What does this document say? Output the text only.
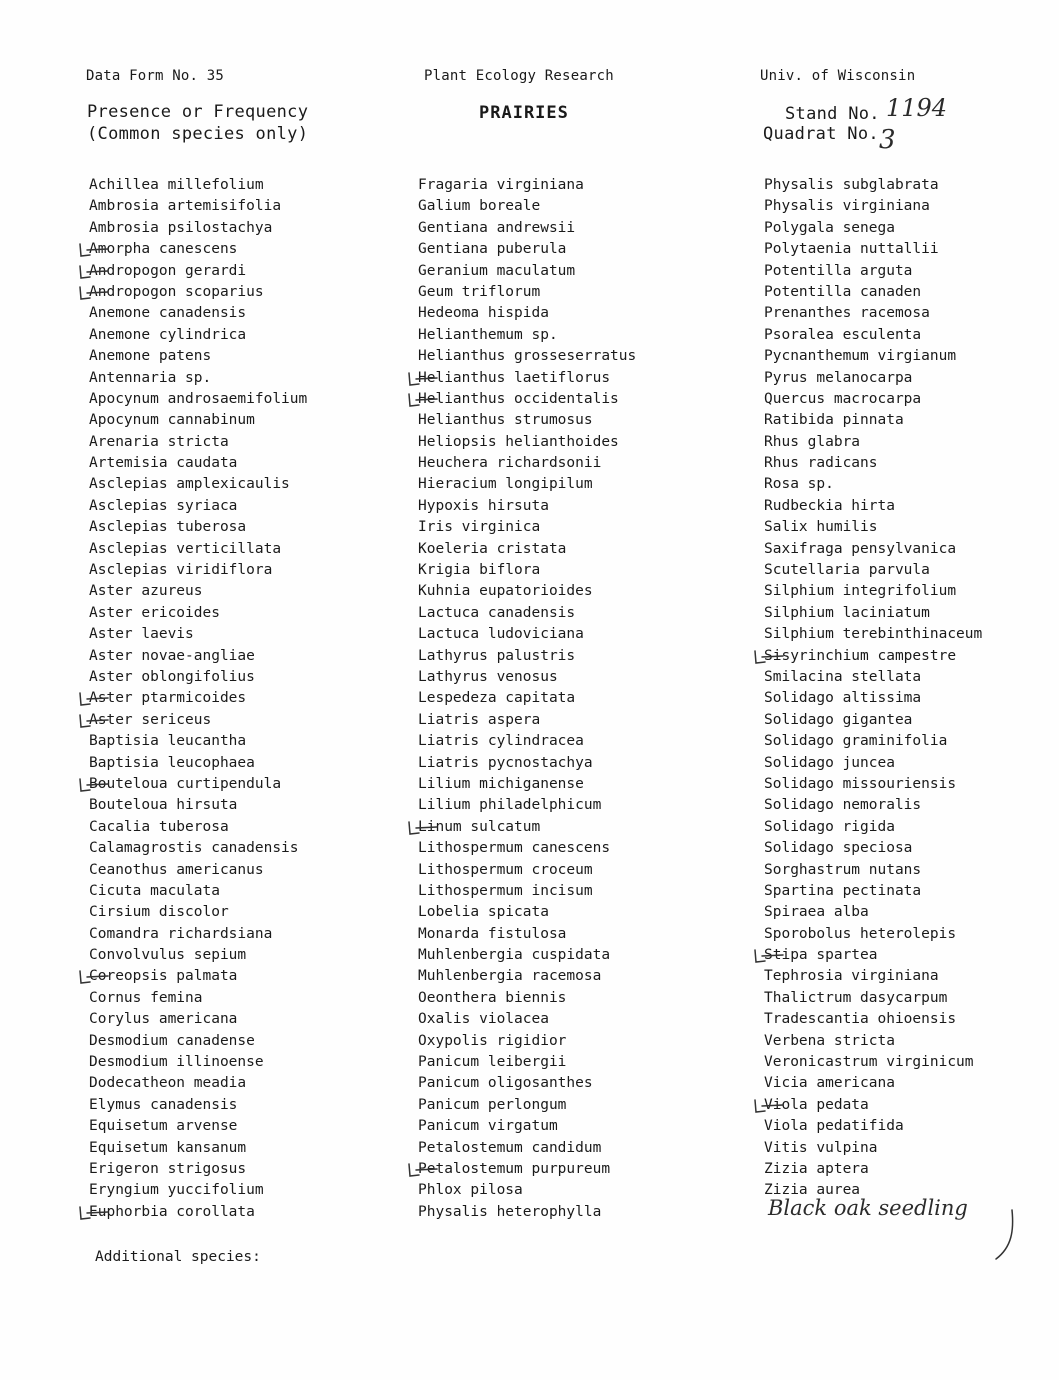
Data Form No. 35	Plant Ecology Research	Univ. of Wisconsin
Presence or Frequency
(Common species only)
PRAIRIES	Stand No. 1194
Quadrat No. 3
Achillea millefolium
Ambrosia artemisifolia
Ambrosia psilostachya
Amorpha canescens
Andropogon gerardi
Andropogon scoparius
Anemone canadensis
Anemone cylindrica
Anemone patens
Antennaria sp.
Apocynum androsaemifolium
Apocynum cannabinum
Arenaria stricta
Artemisia caudata
Asclepias amplexicaulis
Asclepias syriaca
Asclepias tuberosa
Asclepias verticillata
Asclepias viridiflora
Aster azureus
Aster ericoides
Aster laevis
Aster novae-angliae
Aster oblongifolius
Aster ptarmicoides
Aster sericeus
Baptisia leucantha
Baptisia leucophaea
Bouteloua curtipendula
Bouteloua hirsuta
Cacalia tuberosa
Calamagrostis canadensis
Ceanothus americanus
Cicuta maculata
Cirsium discolor
Comandra richardsiana
Convolvulus sepium
Coreopsis palmata
Cornus femina
Corylus americana
Desmodium canadense
Desmodium illinoense
Dodecatheon meadia
Elymus canadensis
Equisetum arvense
Equisetum kansanum
Erigeron strigosus
Eryngium yuccifolium
Euphorbia corollata
Fragaria virginiana
Galium boreale
Gentiana andrewsii
Gentiana puberula
Geranium maculatum
Geum triflorum
Hedeoma hispida
Helianthemum sp.
Helianthus grosseserratus
Helianthus laetiflorus
Helianthus occidentalis
Helianthus strumosus
Heliopsis helianthoides
Heuchera richardsonii
Hieracium longipilum
Hypoxis hirsuta
Iris virginica
Koeleria cristata
Krigia biflora
Kuhnia eupatorioides
Lactuca canadensis
Lactuca ludoviciana
Lathyrus palustris
Lathyrus venosus
Lespedeza capitata
Liatris aspera
Liatris cylindracea
Liatris pycnostachya
Lilium michiganense
Lilium philadelphicum
Linum sulcatum
Lithospermum canescens
Lithospermum croceum
Lithospermum incisum
Lobelia spicata
Monarda fistulosa
Muhlenbergia cuspidata
Muhlenbergia racemosa
Oeonthera biennis
Oxalis violacea
Oxypolis rigidior
Panicum leibergii
Panicum oligosanthes
Panicum perlongum
Panicum virgatum
Petalostemum candidum
Petalostemum purpureum
Phlox pilosa
Physalis heterophylla
Physalis subglabrata
Physalis virginiana
Polygala senega
Polytaenia nuttallii
Potentilla arguta
Potentilla canaden
Prenanthes racemosa
Psoralea esculenta
Pycnanthemum virgianum
Pyrus melanocarpa
Quercus macrocarpa
Ratibida pinnata
Rhus glabra
Rhus radicans
Rosa sp.
Rudbeckia hirta
Salix humilis
Saxifraga pensylvanica
Scutellaria parvula
Silphium integrifolium
Silphium laciniatum
Silphium terebinthinaceum
Sisyrinchium campestre
Smilacina stellata
Solidago altissima
Solidago gigantea
Solidago graminifolia
Solidago juncea
Solidago missouriensis
Solidago nemoralis
Solidago rigida
Solidago speciosa
Sorghastrum nutans
Spartina pectinata
Spiraea alba
Sporobolus heterolepis
Stipa spartea
Tephrosia virginiana
Thalictrum dasycarpum
Tradescantia ohioensis
Verbena stricta
Veronicastrum virginicum
Vicia americana
Viola pedata
Viola pedatifida
Vitis vulpina
Zizia aptera
Zizia aurea
Black oak seedling
Additional species:
